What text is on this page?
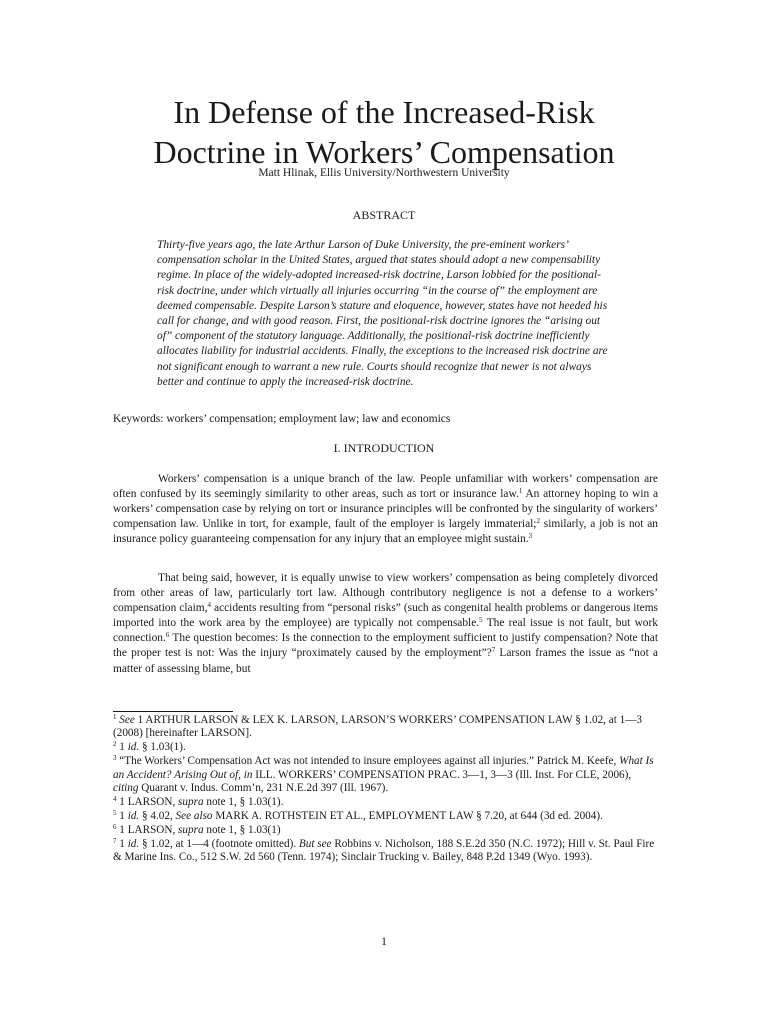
In Defense of the Increased-Risk
Doctrine in Workers’ Compensation
Matt Hlinak, Ellis University/Northwestern University
ABSTRACT

Thirty-five years ago, the late Arthur Larson of Duke University, the pre-eminent workers’ compensation scholar in the United States, argued that states should adopt a new compensability regime. In place of the widely-adopted increased-risk doctrine, Larson lobbied for the positional-risk doctrine, under which virtually all injuries occurring “in the course of” the employment are deemed compensable. Despite Larson’s stature and eloquence, however, states have not heeded his call for change, and with good reason. First, the positional-risk doctrine ignores the “arising out of” component of the statutory language. Additionally, the positional-risk doctrine inefficiently allocates liability for industrial accidents. Finally, the exceptions to the increased risk doctrine are not significant enough to warrant a new rule. Courts should recognize that newer is not always better and continue to apply the increased-risk doctrine.

Keywords: workers’ compensation; employment law; law and economics

I. INTRODUCTION

Workers’ compensation is a unique branch of the law. People unfamiliar with workers’ compensation are often confused by its seemingly similarity to other areas, such as tort or insurance law.$^1$ An attorney hoping to win a workers’ compensation case by relying on tort or insurance principles will be confronted by the singularity of workers’ compensation law. Unlike in tort, for example, fault of the employer is largely immaterial;$^2$ similarly, a job is not an insurance policy guaranteeing compensation for any injury that an employee might sustain.$^3$

That being said, however, it is equally unwise to view workers’ compensation as being completely divorced from other areas of law, particularly tort law. Although contributory negligence is not a defense to a workers’ compensation claim,$^4$ accidents resulting from “personal risks” (such as congenital health problems or dangerous items imported into the work area by the employee) are typically not compensable.$^5$ The real issue is not fault, but work connection.$^6$ The question becomes: Is the connection to the employment sufficient to justify compensation? Note that the proper test is not: Was the injury “proximately caused by the employment”?$^7$ Larson frames the issue as “not a matter of assessing blame, but

$^1$ See 1 ARTHUR LARSON & LEX K. LARSON, LARSON’S WORKERS’ COMPENSATION LAW § 1.02, at 1—3 (2008) [hereinafter LARSON].

$^2$ 1 id. § 1.03(1).

$^3$ “The Workers’ Compensation Act was not intended to insure employees against all injuries.” Patrick M. Keefe, What Is an Accident? Arising Out of, in ILL. WORKERS’ COMPENSATION PRAC. 3—1, 3—3 (Ill. Inst. For CLE, 2006), citing Quarant v. Indus. Comm’n, 231 N.E.2d 397 (Ill. 1967).

$^4$ 1 LARSON, supra note 1, § 1.03(1).

$^5$ 1 id. § 4.02, See also MARK A. ROTHSTEIN ET AL., EMPLOYMENT LAW § 7.20, at 644 (3d ed. 2004).

$^6$ 1 LARSON, supra note 1, § 1.03(1)

$^7$ 1 id. § 1.02, at 1—4 (footnote omitted). But see Robbins v. Nicholson, 188 S.E.2d 350 (N.C. 1972); Hill v. St. Paul Fire & Marine Ins. Co., 512 S.W. 2d 560 (Tenn. 1974); Sinclair Trucking v. Bailey, 848 P.2d 1349 (Wyo. 1993).

1
